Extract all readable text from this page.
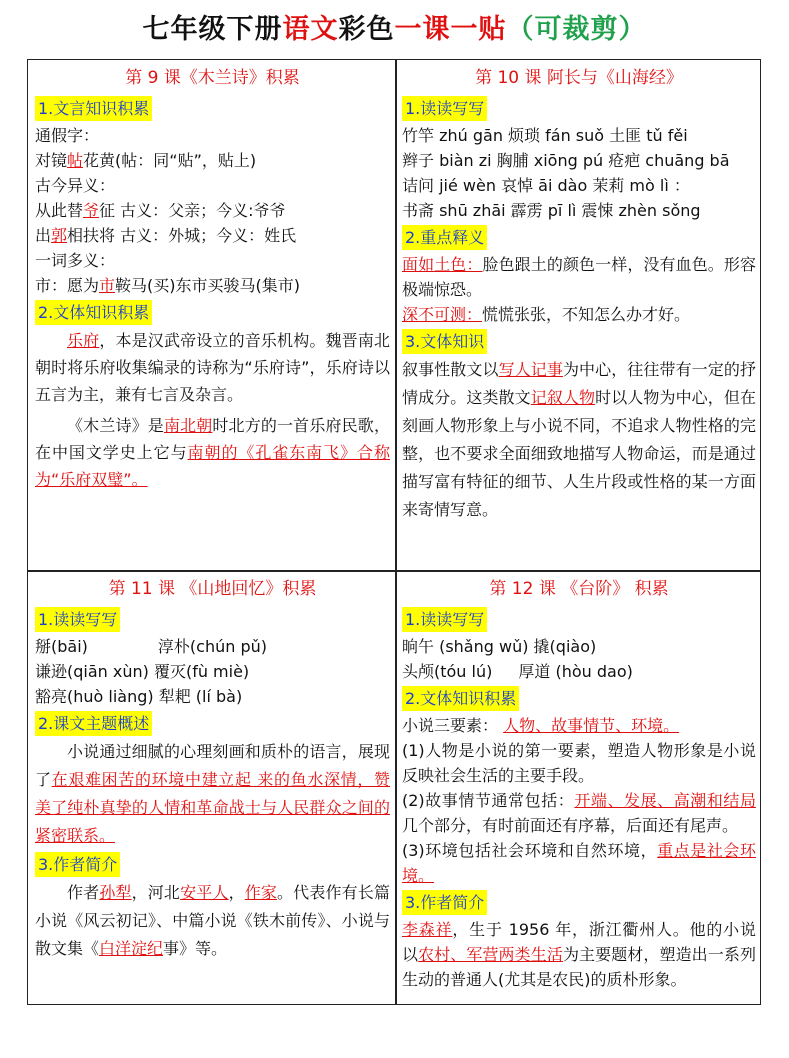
七年级下册语文彩色一课一贴（可裁剪）

第 9 课《木兰诗》积累

1.文言知识积累

通假字：

对镜帖花黄(帖：同“贴”，贴上)

古今异义：

从此替爷征 古义：父亲；今义:爷爷

出郭相扶将 古义：外城；今义：姓氏

一词多义：

市：愿为市鞍马(买)东市买骏马(集市)

2.文体知识积累

乐府，本是汉武帝设立的音乐机构。魏晋南北朝时将乐府收集编录的诗称为“乐府诗”，乐府诗以五言为主，兼有七言及杂言。

《木兰诗》是南北朝时北方的一首乐府民歌，在中国文学史上它与南朝的《孔雀东南飞》合称为“乐府双璧”。

第 10 课 阿长与《山海经》

1.读读写写

竹竿 zhú gān 烦琐 fán suǒ 土匪 tǔ fěi

辫子 biàn zi 胸脯 xiōng pú 疮疤 chuāng bā

诘问 jié wèn 哀悼 āi dào 茉莉 mò lì ：

书斋 shū zhāi 霹雳 pī lì 震悚 zhèn sǒng

2.重点释义

面如土色：脸色跟土的颜色一样，没有血色。形容极端惊恐。

深不可测：慌慌张张，不知怎么办才好。

3.文体知识

叙事性散文以写人记事为中心，往往带有一定的抒情成分。这类散文记叙人物时以人物为中心，但在刻画人物形象上与小说不同，不追求人物性格的完整，也不要求全面细致地描写人物命运，而是通过描写富有特征的细节、人生片段或性格的某一方面来寄情写意。

第 11 课 《山地回忆》积累

1.读读写写

掰(bāi)	淳朴(chún pǔ)

谦逊(qiān xùn) 覆灭(fù miè)

豁亮(huò liàng) 犁耙 (lí bà)

2.课文主题概述

小说通过细腻的心理刻画和质朴的语言，展现了在艰难困苦的环境中建立起 来的鱼水深情，赞美了纯朴真挚的人情和革命战士与人民群众之间的紧密联系。

3.作者简介

作者孙犁，河北安平人，作家。代表作有长篇小说《风云初记》、中篇小说《铁木前传》、小说与散文集《白洋淀纪事》等。

第 12 课 《台阶》 积累

1.读读写写

晌午 (shǎng wǔ) 撬(qiào)

头颅(tóu lú) 厚道 (hòu dao)

2.文体知识积累

小说三要素： 人物、故事情节、环境。

(1)人物是小说的第一要素，塑造人物形象是小说反映社会生活的主要手段。

(2)故事情节通常包括：开端、发展、高潮和结局几个部分，有时前面还有序幕，后面还有尾声。

(3)环境包括社会环境和自然环境，重点是社会环境。

3.作者简介

李森祥，生于 1956 年，浙江衢州人。他的小说以农村、军营两类生活为主要题材，塑造出一系列生动的普通人(尤其是农民)的质朴形象。
